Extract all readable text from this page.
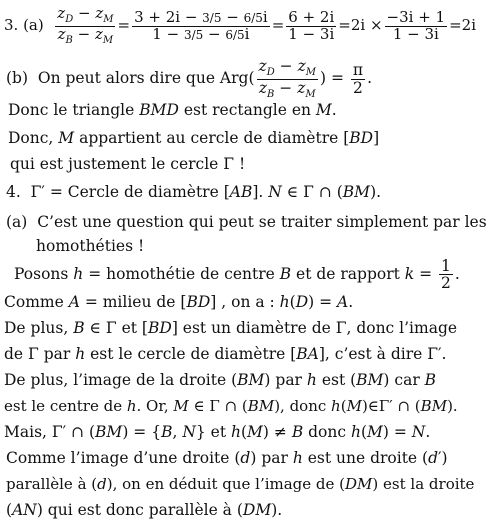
3. $(a) \frac{z_D - z_M}{z_B - z_M} = \frac{3 + 2i - 3/5 - 6/5i}{1 - 3/5 - 6/5i} = \frac{6 + 2i}{1 - 3i} =2i \times \frac{-3i + 1}{1 - 3i} =2i$
(b)  On peut alors dire que $Arg( \frac{z_D - z_M}{z_B - z_M}$ ) = $\frac{\pi}{2}$ .
Donc le triangle BMD est rectangle en M.
Donc, M appartient au cercle de diamètre [BD]
qui est justement le cercle Γ !
4.  Γ′ = Cercle de diamètre [AB]. N ∈ Γ ∩ (BM).
(a)  C’est une question qui peut se traiter simplement par les
homothéties !
Posons h = homothétie de centre B et de rapport $k = \frac{1}{2}$ .
Comme A = milieu de [BD] , on a : h(D) = A.
De plus, B ∈ Γ et [BD] est un diamètre de Γ, donc l’image
de Γ par h est le cercle de diamètre [BA], c’est à dire Γ′.
De plus, l’image de la droite (BM) par h est (BM) car B
est le centre de h. Or, M ∈ Γ ∩ (BM), donc h(M)∈Γ′ ∩ (BM).
Mais, Γ′ ∩ (BM) = {B, N} et h(M) ≠ B donc h(M) = N.
Comme l’image d’une droite (d) par h est une droite (d′)
parallèle à (d), on en déduit que l’image de (DM) est la droite
(AN) qui est donc parallèle à (DM).
